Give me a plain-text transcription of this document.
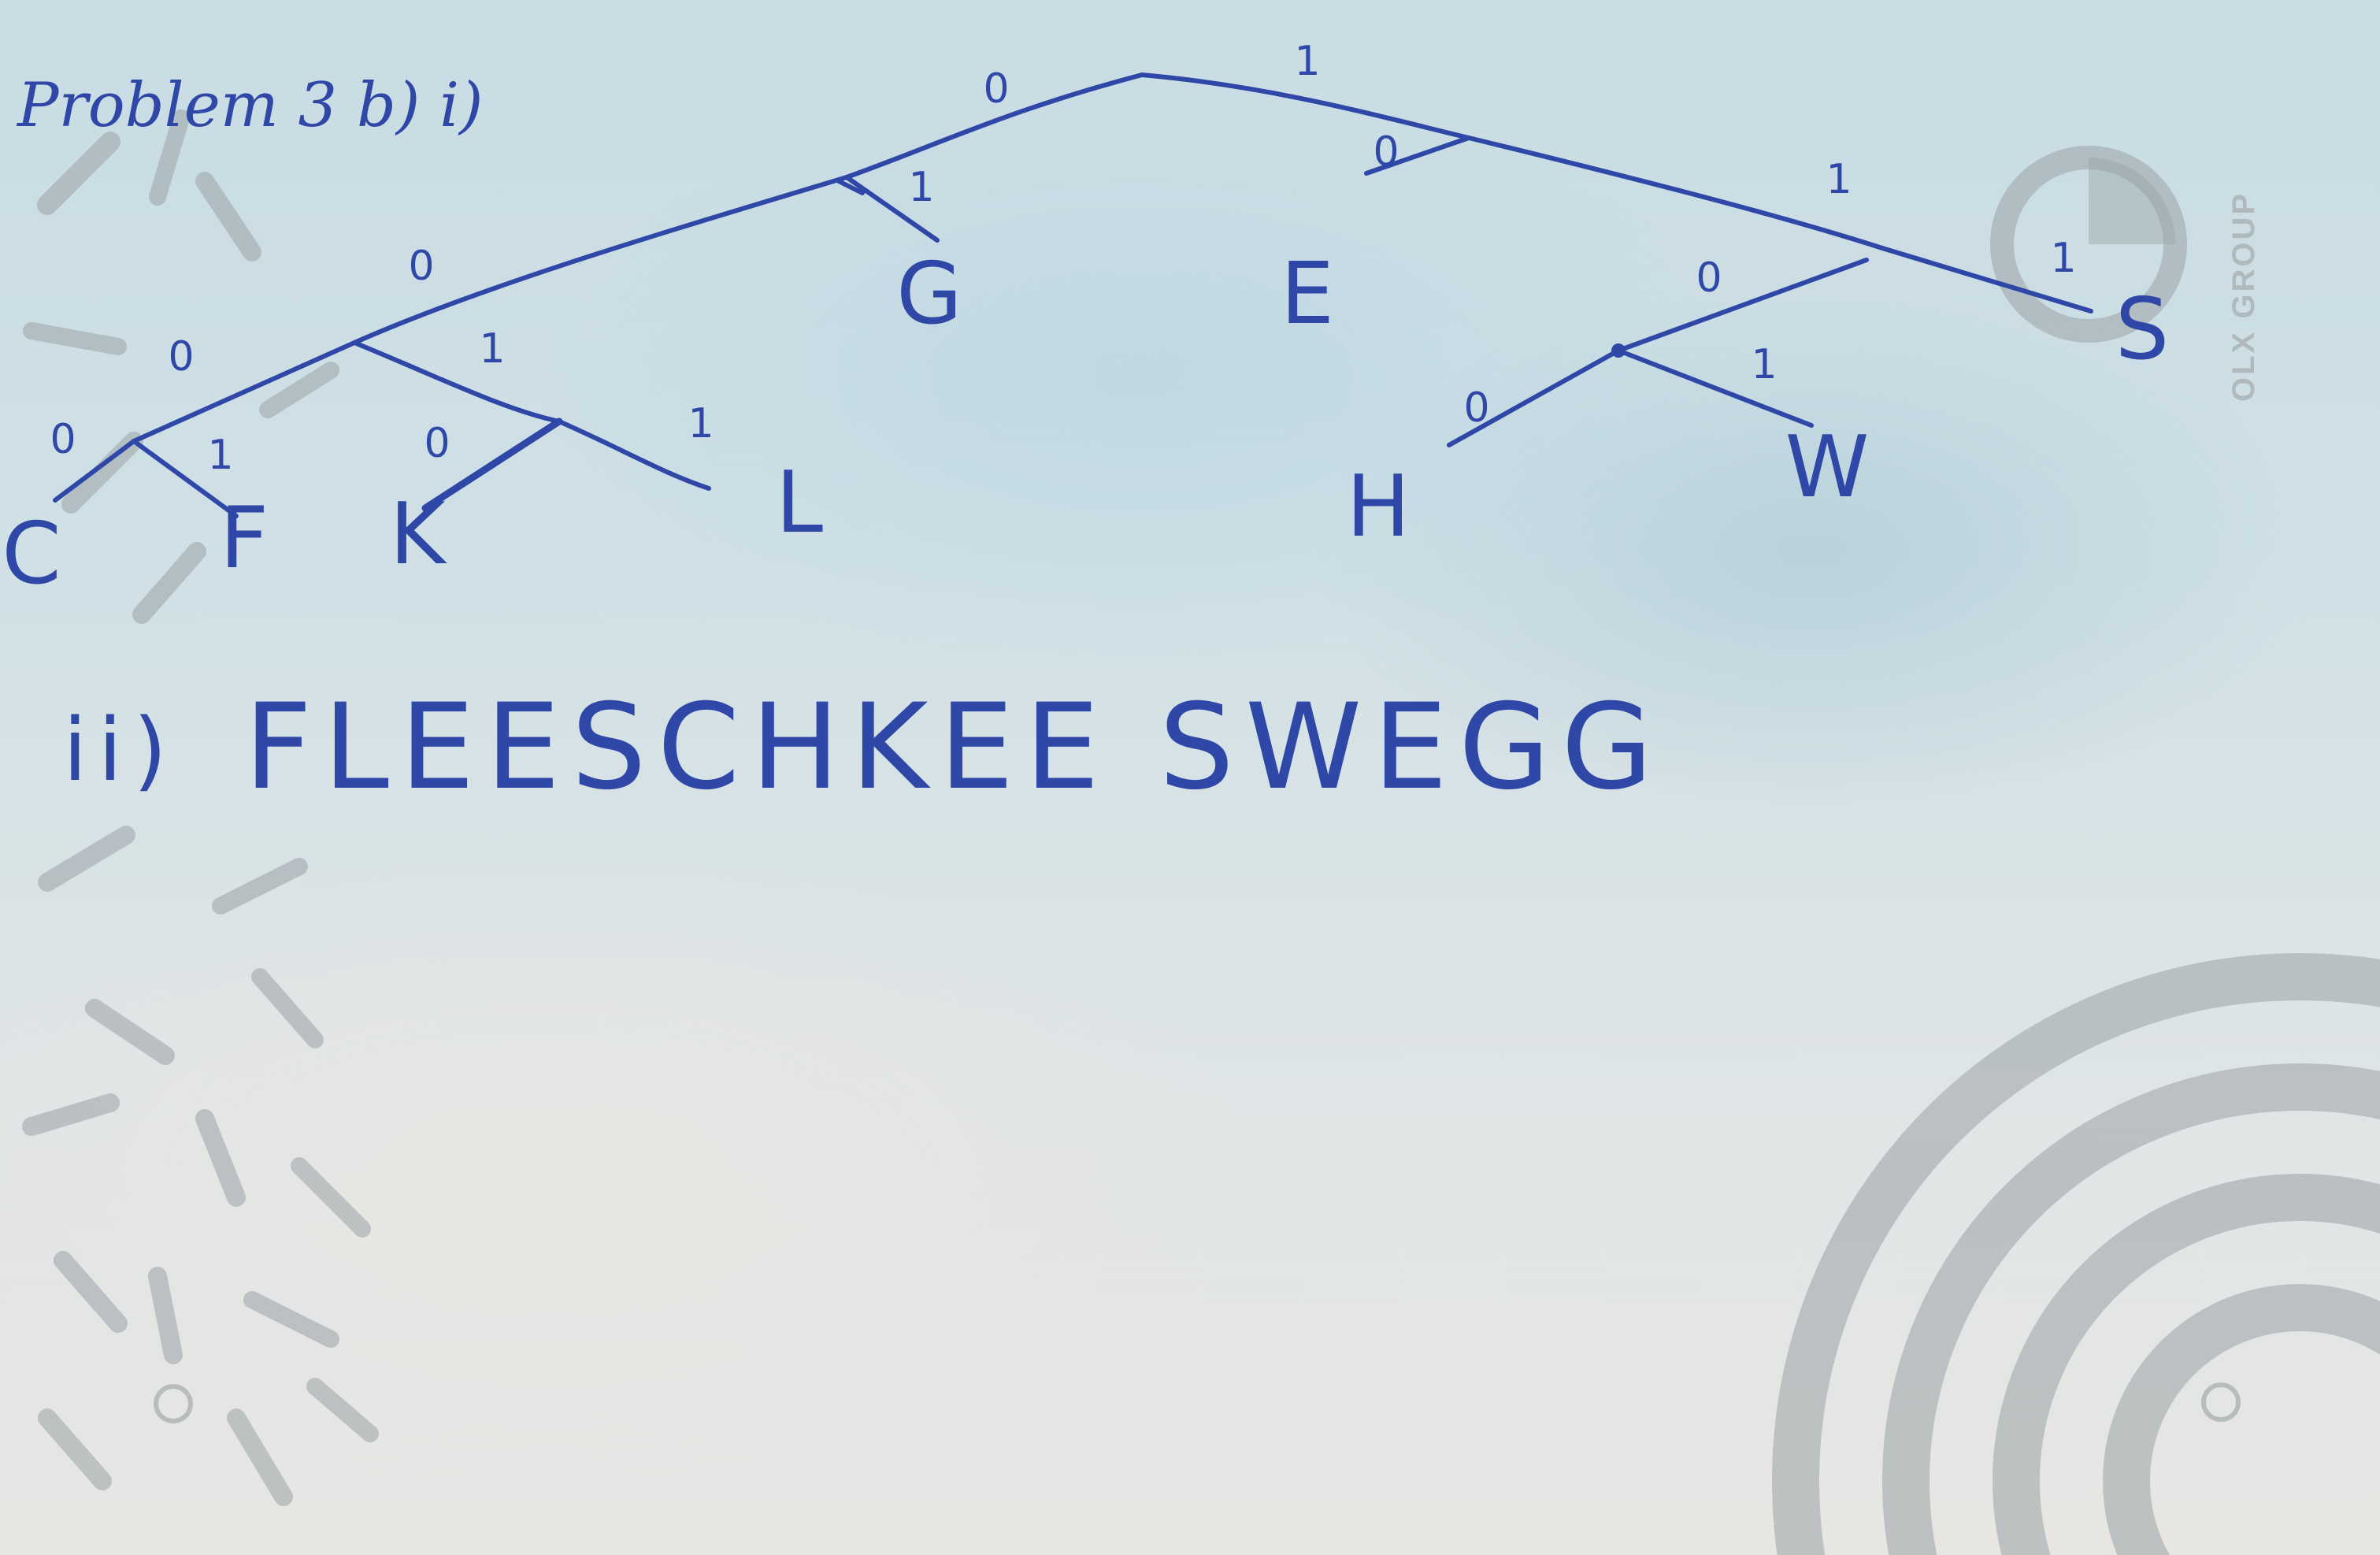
OLX GROUP
Problem 3 b) i)	0
1
1
0
1
1
0
0
0	1
1
0	1
0
0
1
C F K	L
G	E
H	W
S
ii) FLEESCHKEE SWEGG
